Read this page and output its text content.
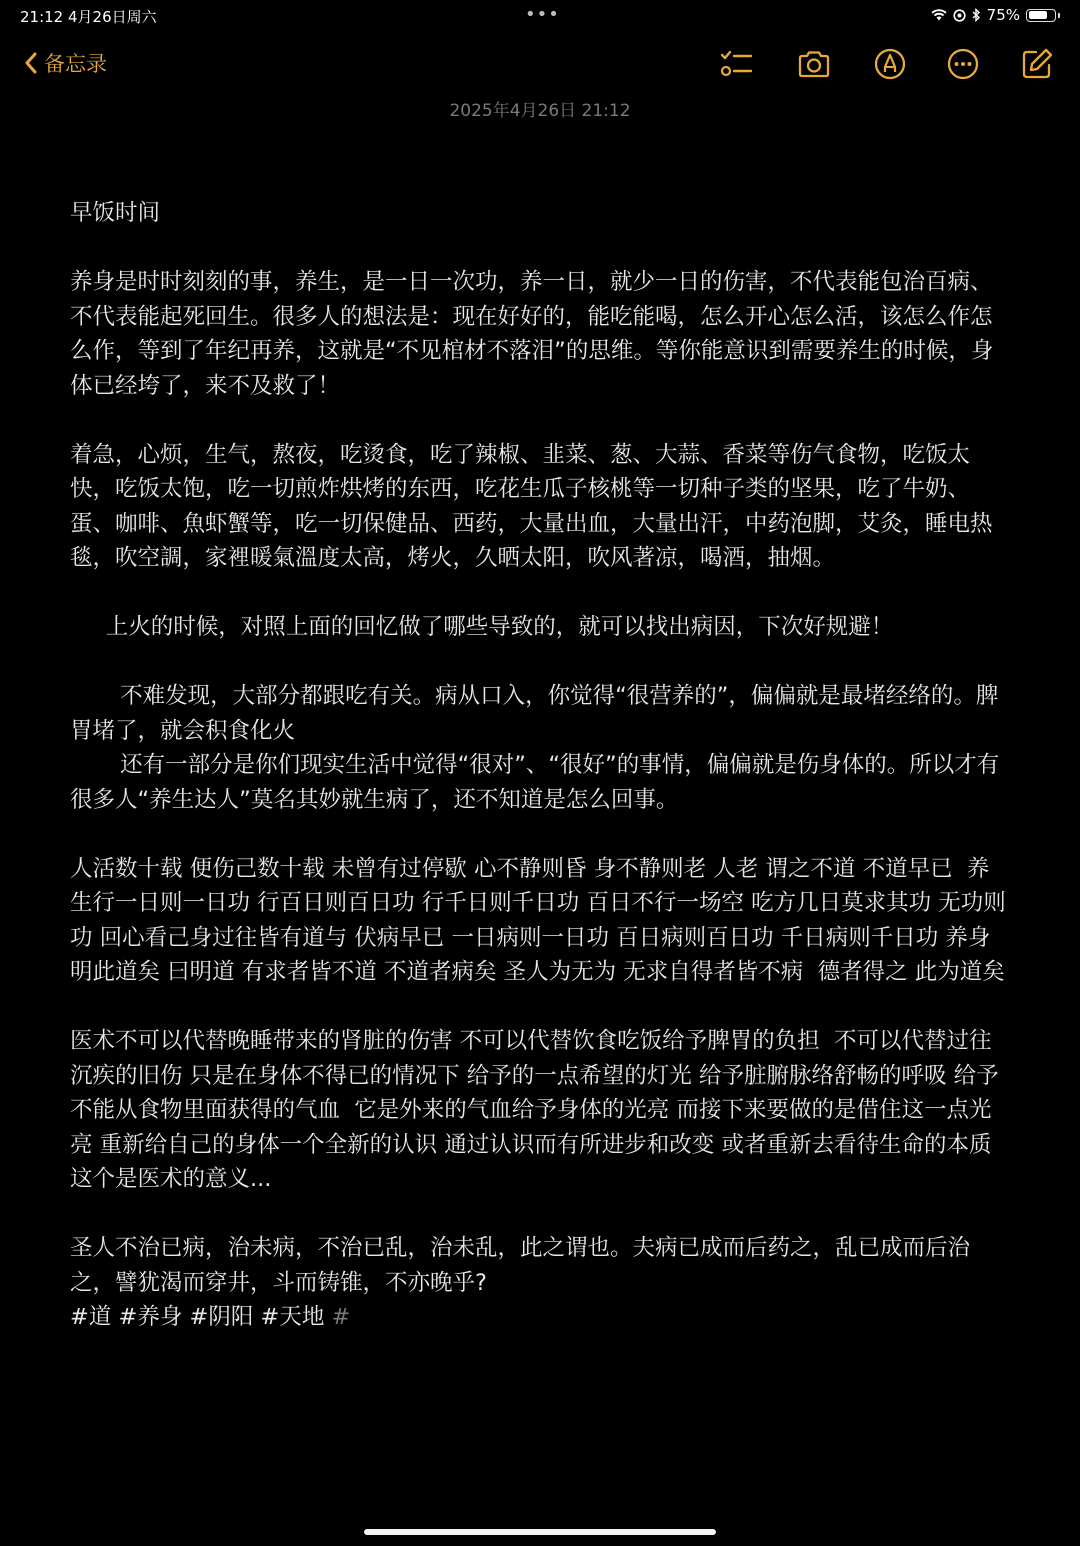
21:12 4月26日周六	•••	75%
备忘录
2025年4月26日 21:12

早饭时间

养身是时时刻刻的事，养生，是一日一次功，养一日，就少一日的伤害，不代表能包治百病、不代表能起死回生。很多人的想法是：现在好好的，能吃能喝，怎么开心怎么活，该怎么作怎么作，等到了年纪再养，这就是“不见棺材不落泪”的思维。等你能意识到需要养生的时候，身体已经垮了，来不及救了！

着急，心烦，生气，熬夜，吃烫食，吃了辣椒、韭菜、葱、大蒜、香菜等伤气食物，吃饭太快，吃饭太饱，吃一切煎炸烘烤的东西，吃花生瓜子核桃等一切种子类的坚果，吃了牛奶、蛋、咖啡、魚虾蟹等，吃一切保健品、西药，大量出血，大量出汗，中药泡脚，艾灸，睡电热毯，吹空調，家裡暖氣溫度太高，烤火，久晒太阳，吹风著凉，喝酒，抽烟。

上火的时候，对照上面的回忆做了哪些导致的，就可以找出病因，下次好规避！

不难发现，大部分都跟吃有关。病从口入，你觉得“很营养的”，偏偏就是最堵经络的。脾胃堵了，就会积食化火

还有一部分是你们现实生活中觉得“很对”、“很好”的事情，偏偏就是伤身体的。所以才有很多人“养生达人”莫名其妙就生病了，还不知道是怎么回事。

人活数十载 便伤己数十载 未曾有过停歇 心不静则昏 身不静则老 人老 谓之不道 不道早已  养生行一日则一日功 行百日则百日功 行千日则千日功 百日不行一场空 吃方几日莫求其功 无功则功 回心看己身过往皆有道与 伏病早已 一日病则一日功 百日病则百日功 千日病则千日功 养身明此道矣 曰明道 有求者皆不道 不道者病矣 圣人为无为 无求自得者皆不病  德者得之 此为道矣

医术不可以代替晚睡带来的肾脏的伤害 不可以代替饮食吃饭给予脾胃的负担  不可以代替过往沉疾的旧伤 只是在身体不得已的情况下 给予的一点希望的灯光 给予脏腑脉络舒畅的呼吸 给予不能从食物里面获得的气血  它是外来的气血给予身体的光亮 而接下来要做的是借住这一点光亮 重新给自己的身体一个全新的认识 通过认识而有所进步和改变 或者重新去看待生命的本质  这个是医术的意义...

圣人不治已病，治未病，不治已乱，治未乱，此之谓也。夫病已成而后药之，乱已成而后治之，譬犹渴而穿井，斗而铸锥，不亦晚乎?

#道 #养身 #阴阳 #天地 #
